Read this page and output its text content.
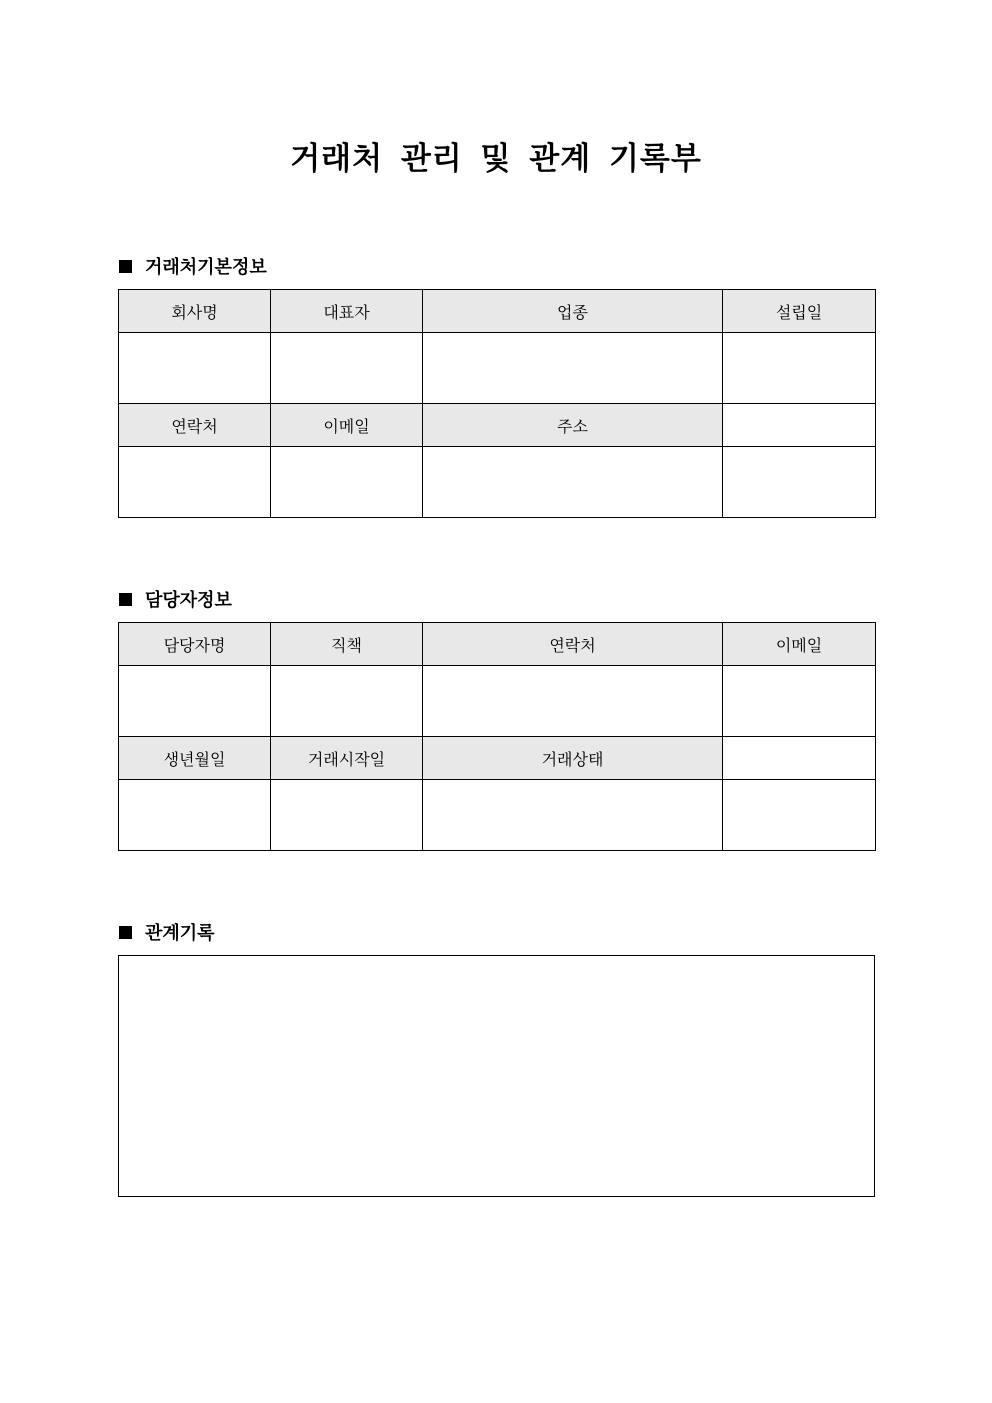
거래처 관리 및 관계 기록부
거래처기본정보
회사명	대표자	업종	설립일

연락처	이메일	주소	

담당자정보
담당자명	직책	연락처	이메일

생년월일	거래시작일	거래상태	

관계기록
